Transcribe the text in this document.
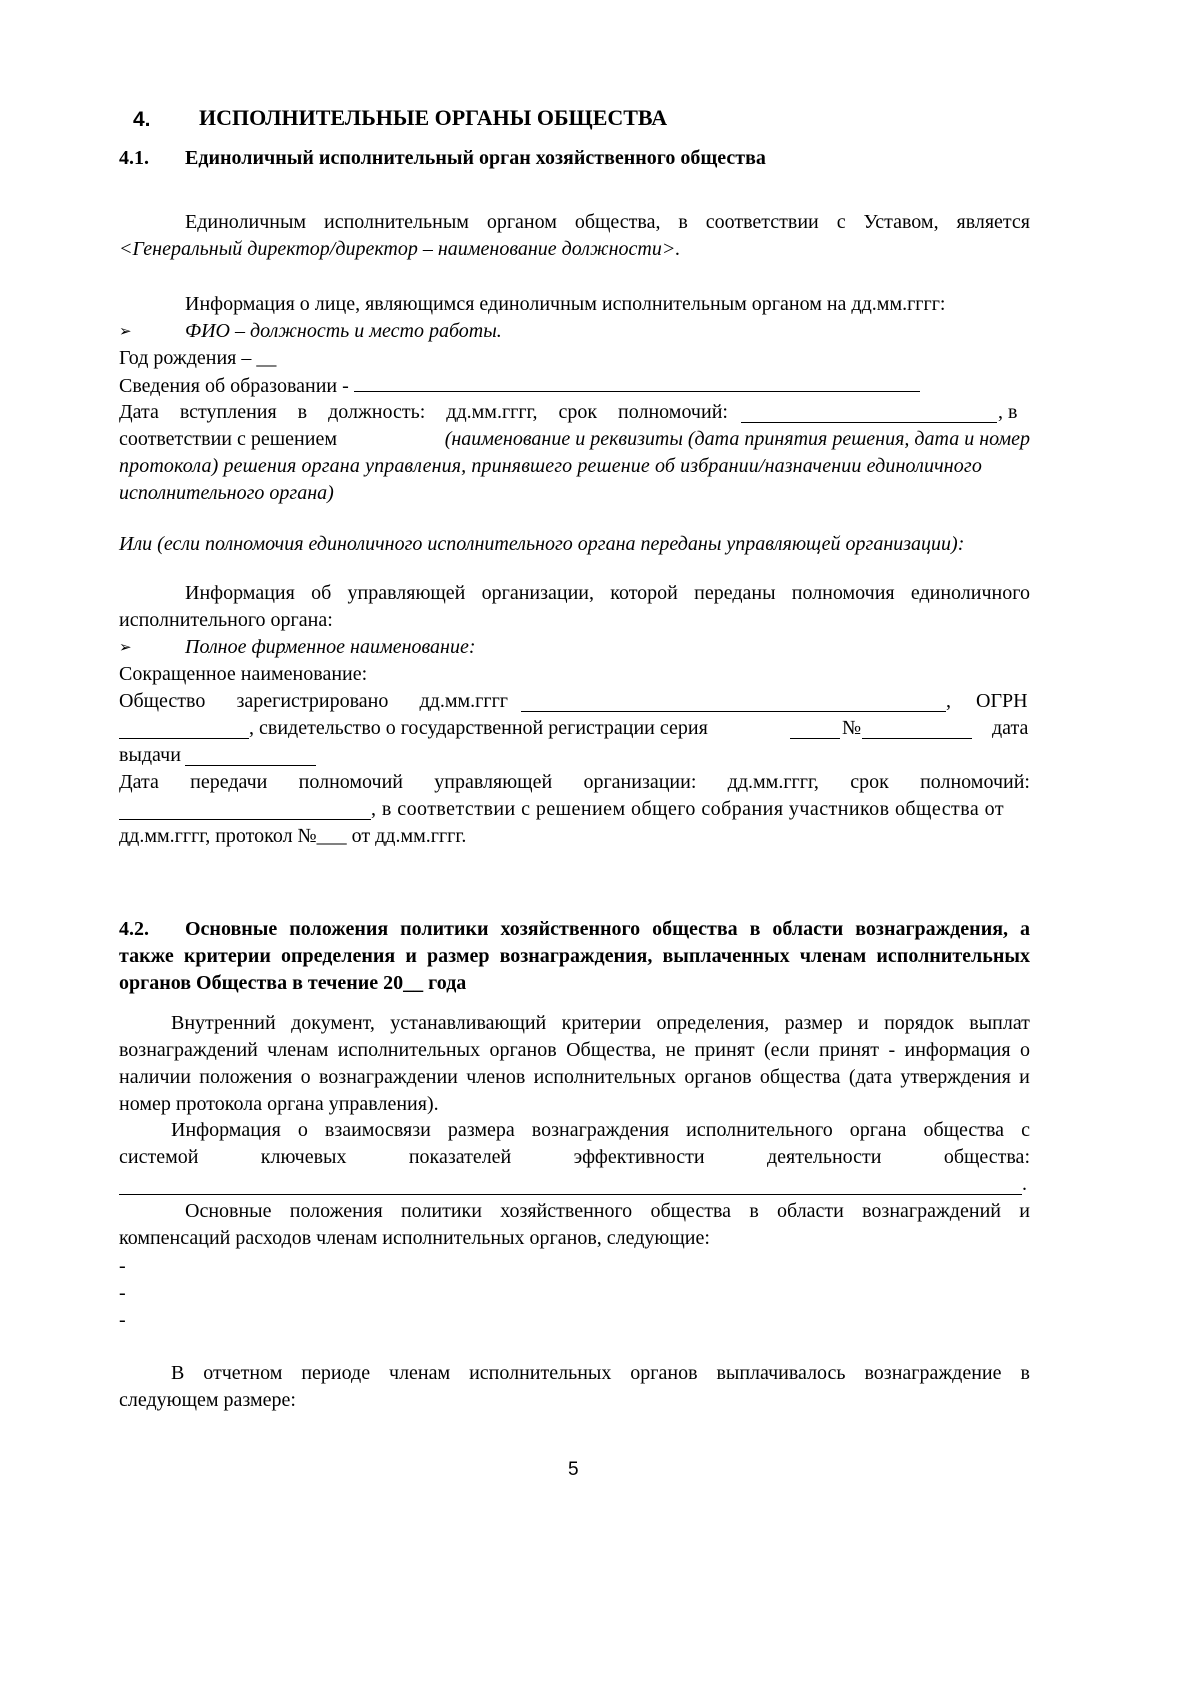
4. ИСПОЛНИТЕЛЬНЫЕ ОРГАНЫ ОБЩЕСТВА
4.1. Единоличный исполнительный орган хозяйственного общества
Единоличным исполнительным органом общества, в соответствии с Уставом, является
<Генеральный директор/директор – наименование должности>.
Информация о лице, являющимся единоличным исполнительным органом на дд.мм.гггг:
➢	ФИО – должность и место работы.
Год рождения – __
Сведения об образовании -
Дата вступления в должность: дд.мм.гггг, срок полномочий:	, в
соответствии с решением	(наименование и реквизиты (дата принятия решения, дата и номер
протокола) решения органа управления, принявшего решение об избрании/назначении единоличного
исполнительного органа)
Или (если полномочия единоличного исполнительного органа переданы управляющей организации):
Информация об управляющей организации, которой переданы полномочия единоличного
исполнительного органа:
➢	Полное фирменное наименование:
Сокращенное наименование:
Общество зарегистрировано дд.мм.гггг	, ОГРН
, свидетельство о государственной регистрации серия	№	дата
выдачи
Дата передачи полномочий управляющей организации: дд.мм.гггг, срок полномочий:
, в соответствии с решением общего собрания участников общества от
дд.мм.гггг, протокол №___ от дд.мм.гггг.
4.2. Основные положения политики хозяйственного общества в области вознаграждения, а
также критерии определения и размер вознаграждения, выплаченных членам исполнительных
органов Общества в течение 20__ года
Внутренний документ, устанавливающий критерии определения, размер и порядок выплат
вознаграждений членам исполнительных органов Общества, не принят (если принят - информация о
наличии положения о вознаграждении членов исполнительных органов общества (дата утверждения и
номер протокола органа управления).
Информация о взаимосвязи размера вознаграждения исполнительного органа общества с
системой	ключевых	показателей	эффективности	деятельности	общества:
.
Основные положения политики хозяйственного общества в области вознаграждений и
компенсаций расходов членам исполнительных органов, следующие:
-
-
-
В отчетном периоде членам исполнительных органов выплачивалось вознаграждение в
следующем размере:
5
